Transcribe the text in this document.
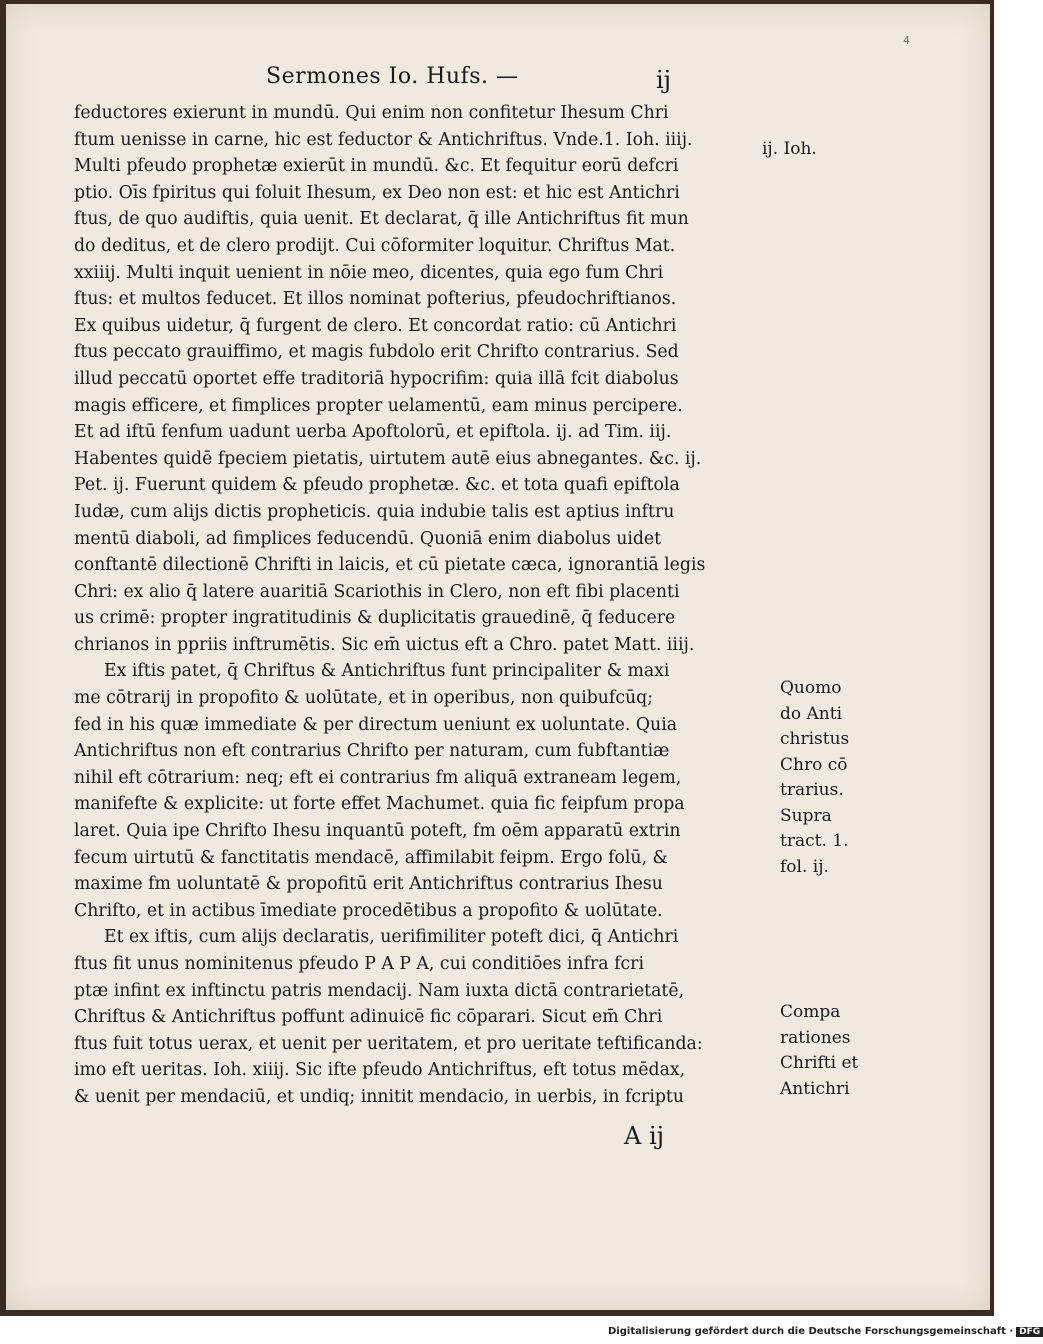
4
Sermones Io. Hufs. —	ij
feductores exierunt in mundū. Qui enim non confitetur Ihesum Chri
ftum uenisse in carne, hic est feductor & Antichriftus. Vnde.1. Ioh. iiij.
Multi pfeudo prophetæ exierūt in mundū. &c. Et fequitur eorū defcri
ptio. Oīs fpiritus qui foluit Ihesum, ex Deo non est: et hic est Antichri
ftus, de quo audiftis, quia uenit. Et declarat, q̄ ille Antichriftus fit mun
do deditus, et de clero prodijt. Cui cōformiter loquitur. Chriftus Mat.
xxiiij. Multi inquit uenient in nōie meo, dicentes, quia ego fum Chri
ftus: et multos feducet. Et illos nominat pofterius, pfeudochriftianos.
Ex quibus uidetur, q̄ furgent de clero. Et concordat ratio: cū Antichri
ftus peccato grauiffimo, et magis fubdolo erit Chrifto contrarius. Sed
illud peccatū oportet effe traditoriā hypocrifim: quia illā fcit diabolus
magis efficere, et fimplices propter uelamentū, eam minus percipere.
Et ad iftū fenfum uadunt uerba Apoftolorū, et epiftola. ij. ad Tim. iij.
Habentes quidē fpeciem pietatis, uirtutem autē eius abnegantes. &c. ij.
Pet. ij. Fuerunt quidem & pfeudo prophetæ. &c. et tota quafi epiftola
Iudæ, cum alijs dictis propheticis. quia indubie talis est aptius inftru
mentū diaboli, ad fimplices feducendū. Quoniā enim diabolus uidet
conftantē dilectionē Chrifti in laicis, et cū pietate cæca, ignorantiā legis
Chri: ex alio q̄ latere auaritiā Scariothis in Clero, non eft fibi placenti
us crimē: propter ingratitudinis & duplicitatis grauedinē, q̄ feducere
chrianos in ppriis inftrumētis. Sic em̄ uictus eft a Chro. patet Matt. iiij.
Ex iftis patet, q̄ Chriftus & Antichriftus funt principaliter & maxi
me cōtrarij in propofito & uolūtate, et in operibus, non quibufcūq;
fed in his quæ immediate & per directum ueniunt ex uoluntate. Quia
Antichriftus non eft contrarius Chrifto per naturam, cum fubftantiæ
nihil eft cōtrarium: neq; eft ei contrarius fm aliquā extraneam legem,
manifefte & explicite: ut forte effet Machumet. quia fic feipfum propa
laret. Quia ipe Chrifto Ihesu inquantū poteft, fm oēm apparatū extrin
fecum uirtutū & fanctitatis mendacē, affimilabit feipm. Ergo folū, &
maxime fm uoluntatē & propofitū erit Antichriftus contrarius Ihesu
Chrifto, et in actibus īmediate procedētibus a propofito & uolūtate.
Et ex iftis, cum alijs declaratis, uerifimiliter poteft dici, q̄ Antichri
ftus fit unus nominitenus pfeudo P A P A, cui conditiōes infra fcri
ptæ infint ex inftinctu patris mendacij. Nam iuxta dictā contrarietatē,
Chriftus & Antichriftus poffunt adinuicē fic cōparari. Sicut em̄ Chri
ftus fuit totus uerax, et uenit per ueritatem, et pro ueritate teftificanda:
imo eft ueritas. Ioh. xiiij. Sic ifte pfeudo Antichriftus, eft totus mēdax,
& uenit per mendaciū, et undiq; innitit mendacio, in uerbis, in fcriptu
ij. Ioh.
Quomo
do Anti
christus
Chro cō
trarius.
Supra
tract. 1.
fol. ij.
Compa
rationes
Chrifti et
Antichri
A ij
Digitalisierung gefördert durch die Deutsche Forschungsgemeinschaft · DFG
